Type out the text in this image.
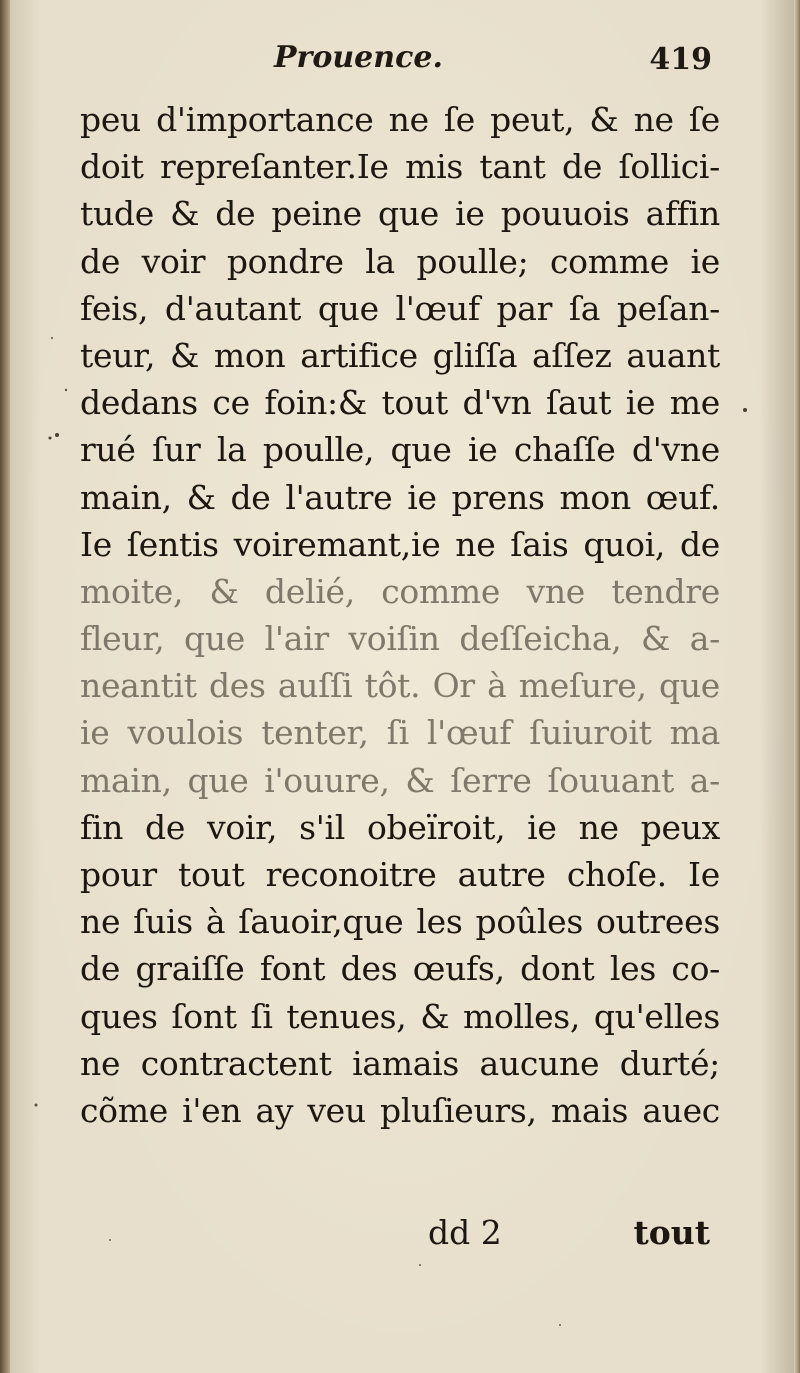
Prouence.	419
peu d'importance ne ſe peut, & ne ſe
doit repreſanter.Ie mis tant de ſollici-
tude & de peine que ie pouuois affin
de voir pondre la poulle; comme ie
feis, d'autant que l'œuf par ſa peſan-
teur, & mon artifice gliſſa aſſez auant
dedans ce foin:& tout d'vn ſaut ie me
rué ſur la poulle, que ie chaſſe d'vne
main, & de l'autre ie prens mon œuf.
Ie ſentis voiremant,ie ne ſais quoi, de
moite, & delié, comme vne tendre
fleur, que l'air voiſin deſſeicha, & a-
neantit des auſſi tôt. Or à meſure, que
ie voulois tenter, ſi l'œuf ſuiuroit ma
main, que i'ouure, & ſerre ſouuant a-
fin de voir, s'il obeïroit, ie ne peux
pour tout reconoitre autre choſe. Ie
ne ſuis à ſauoir,que les poûles outrees
de graiſſe font des œufs, dont les co-
ques ſont ſi tenues, & molles, qu'elles
ne contractent iamais aucune durté;
cõme i'en ay veu pluſieurs, mais auec
dd 2	tout
